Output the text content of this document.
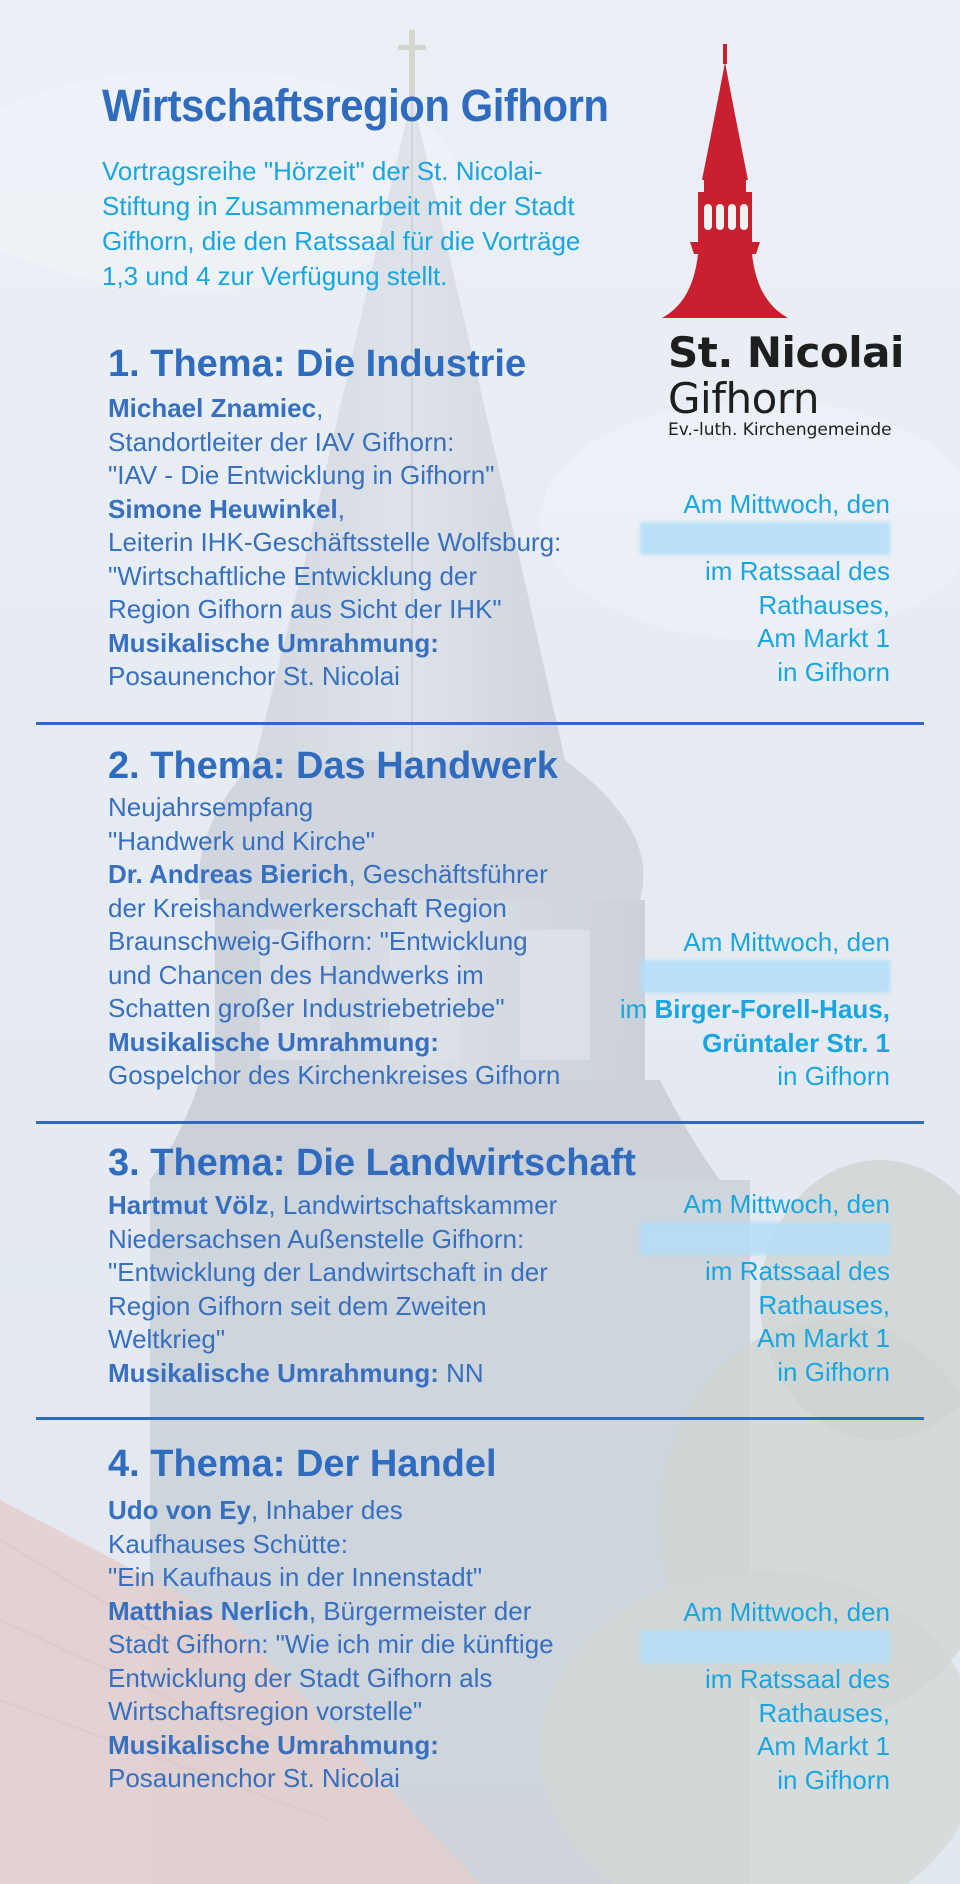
Wirtschaftsregion Gifhorn

Vortragsreihe "Hörzeit" der St. Nicolai-
Stiftung in Zusammenarbeit mit der Stadt
Gifhorn, die den Ratssaal für die Vorträge
1,3 und 4 zur Verfügung stellt.

St. Nicolai
Gifhorn
Ev.-luth. Kirchengemeinde
1. Thema: Die Industrie

Michael Znamiec,
Standortleiter der IAV Gifhorn:
"IAV - Die Entwicklung in Gifhorn"
Simone Heuwinkel,
Leiterin IHK-Geschäftsstelle Wolfsburg:
"Wirtschaftliche Entwicklung der
Region Gifhorn aus Sicht der IHK"
Musikalische Umrahmung:
Posaunenchor St. Nicolai

Am Mittwoch, den
im Ratssaal des
Rathauses,
Am Markt 1
in Gifhorn

2. Thema: Das Handwerk

Neujahrsempfang
"Handwerk und Kirche"
Dr. Andreas Bierich, Geschäftsführer
der Kreishandwerkerschaft Region
Braunschweig-Gifhorn: "Entwicklung
und Chancen des Handwerks im
Schatten großer Industriebetriebe"
Musikalische Umrahmung:
Gospelchor des Kirchenkreises Gifhorn

Am Mittwoch, den
im Birger-Forell-Haus,
Grüntaler Str. 1
in Gifhorn

3. Thema: Die Landwirtschaft

Hartmut Völz, Landwirtschaftskammer
Niedersachsen Außenstelle Gifhorn:
"Entwicklung der Landwirtschaft in der
Region Gifhorn seit dem Zweiten
Weltkrieg"
Musikalische Umrahmung: NN

Am Mittwoch, den
im Ratssaal des
Rathauses,
Am Markt 1
in Gifhorn

4. Thema: Der Handel

Udo von Ey, Inhaber des
Kaufhauses Schütte:
"Ein Kaufhaus in der Innenstadt"
Matthias Nerlich, Bürgermeister der
Stadt Gifhorn: "Wie ich mir die künftige
Entwicklung der Stadt Gifhorn als
Wirtschaftsregion vorstelle"
Musikalische Umrahmung:
Posaunenchor St. Nicolai

Am Mittwoch, den
im Ratssaal des
Rathauses,
Am Markt 1
in Gifhorn
